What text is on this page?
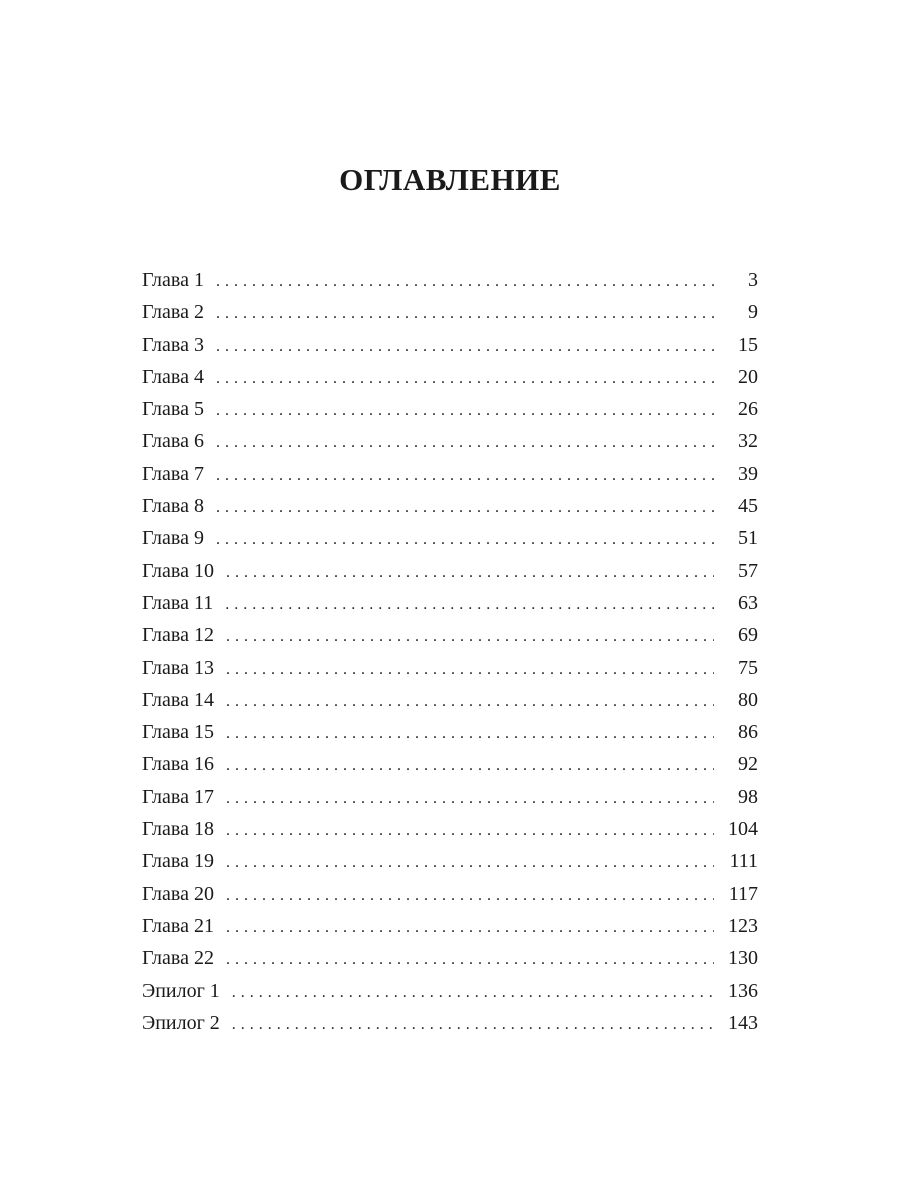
ОГЛАВЛЕНИЕ
Глава 1 . . .	3
Глава 2 . . .	9
Глава 3 . . .	15
Глава 4 . . .	20
Глава 5 . . .	26
Глава 6 . . .	32
Глава 7 . . .	39
Глава 8 . . .	45
Глава 9 . . .	51
Глава 10 . . .	57
Глава 11 . . .	63
Глава 12 . . .	69
Глава 13 . . .	75
Глава 14 . . .	80
Глава 15 . . .	86
Глава 16 . . .	92
Глава 17 . . .	98
Глава 18 . . .	104
Глава 19 . . .	111
Глава 20 . . .	117
Глава 21 . . .	123
Глава 22 . . .	130
Эпилог 1 . . .	136
Эпилог 2 . . .	143
